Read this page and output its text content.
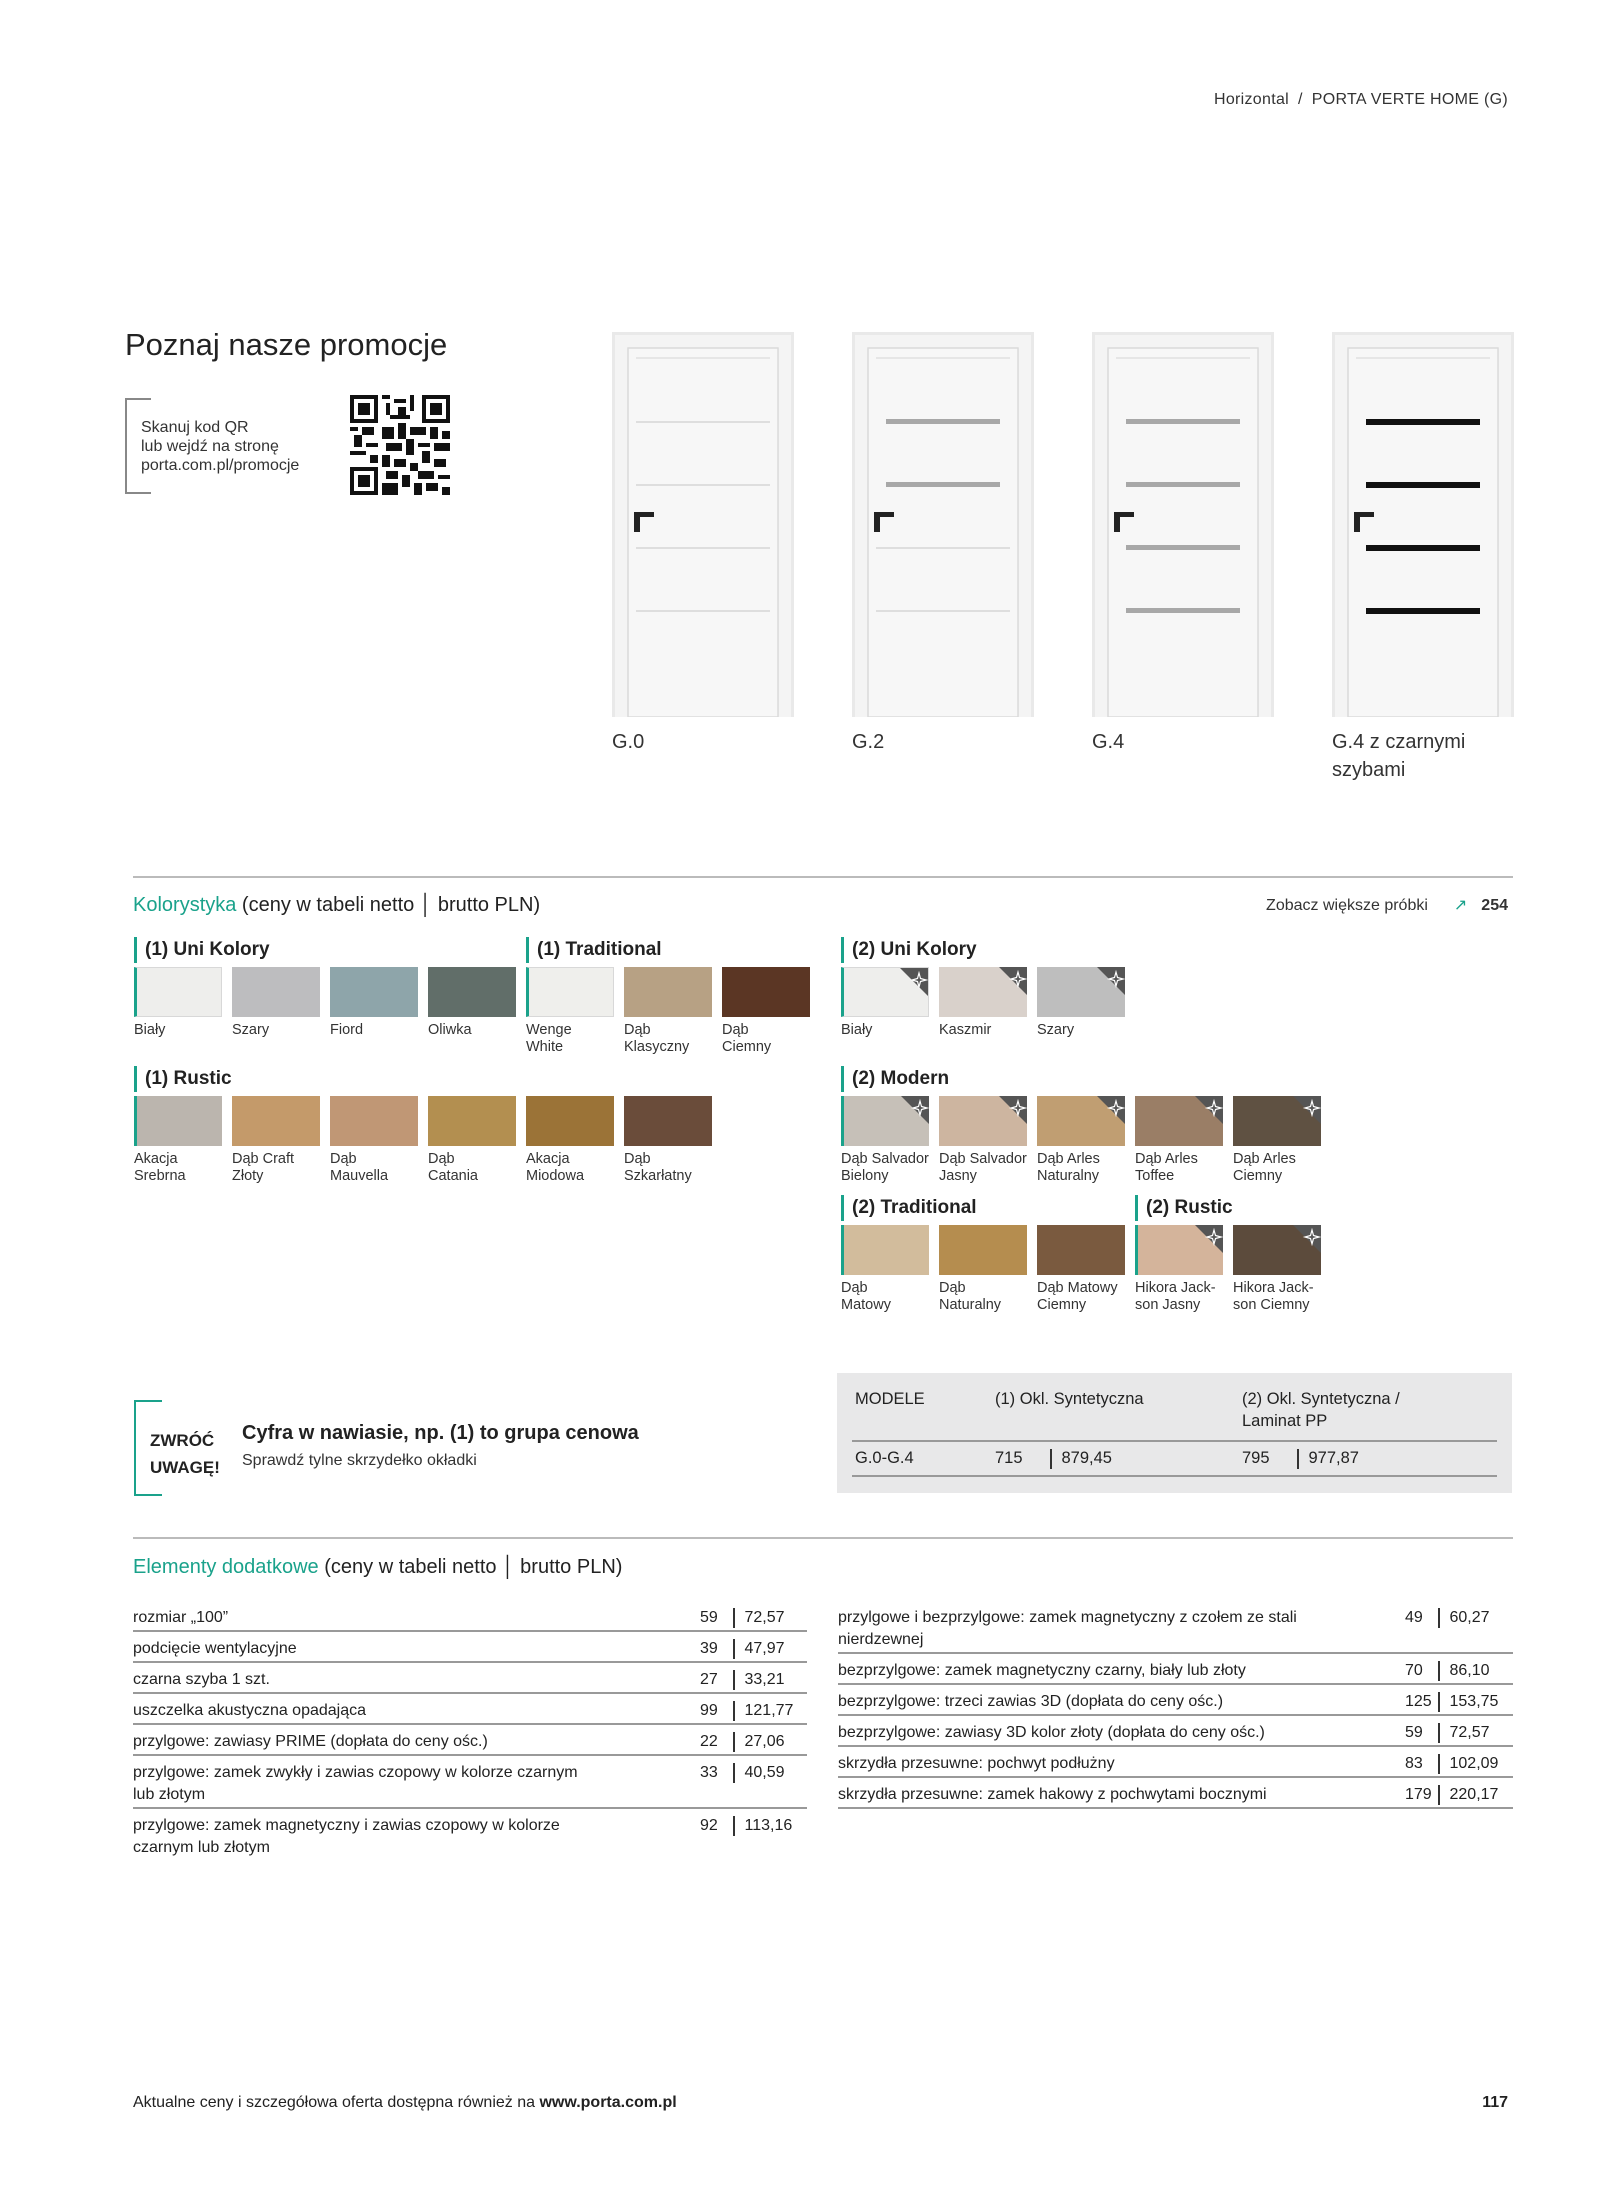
Horizontal / PORTA VERTE HOME (G)
Poznaj nasze promocje
Skanuj kod QR
lub wejdź na stronę
porta.com.pl/promocje
G.0	G.2	G.4	G.4 z czarnymi
szybami
Kolorystyka (ceny w tabeli netto │ brutto PLN)	Zobacz większe próbki ↗ 254
(1) Uni Kolory
Biały	Szary	Fiord	Oliwka
(1) Traditional
Wenge
White
Dąb
Klasyczny
Dąb
Ciemny
(2) Uni Kolory
Biały	Kaszmir	Szary
(1) Rustic
Akacja
Srebrna
Dąb Craft
Złoty
Dąb
Mauvella
Dąb
Catania
Akacja
Miodowa
Dąb
Szkarłatny
(2) Modern
Dąb Salvador
Bielony
Dąb Salvador
Jasny
Dąb Arles
Naturalny
Dąb Arles
Toffee
Dąb Arles
Ciemny
(2) Traditional
Dąb
Matowy
Dąb
Naturalny
Dąb Matowy
Ciemny
(2) Rustic
Hikora Jack-
son Jasny
Hikora Jack-
son Ciemny
ZWRÓĆ
UWAGĘ!
Cyfra w nawiasie, np. (1) to grupa cenowa
Sprawdź tylne skrzydełko okładki
MODELE	(1) Okl. Syntetyczna	(2) Okl. Syntetyczna /
Laminat PP
G.0-G.4	715	879,45	795	977,87
Elementy dodatkowe (ceny w tabeli netto │ brutto PLN)
rozmiar „100”	59	72,57
podcięcie wentylacyjne	39	47,97
czarna szyba 1 szt.	27	33,21
uszczelka akustyczna opadająca	99	121,77
przylgowe: zawiasy PRIME (dopłata do ceny ośc.)	22	27,06
przylgowe: zamek zwykły i zawias czopowy w kolorze czarnym
lub złotym
33	40,59
przylgowe: zamek magnetyczny i zawias czopowy w kolorze
czarnym lub złotym
92	113,16
przylgowe i bezprzylgowe: zamek magnetyczny z czołem ze stali
nierdzewnej
49	60,27
bezprzylgowe: zamek magnetyczny czarny, biały lub złoty	70	86,10
bezprzylgowe: trzeci zawias 3D (dopłata do ceny ośc.)	125	153,75
bezprzylgowe: zawiasy 3D kolor złoty (dopłata do ceny ośc.)	59	72,57
skrzydła przesuwne: pochwyt podłużny	83	102,09
skrzydła przesuwne: zamek hakowy z pochwytami bocznymi	179	220,17
Aktualne ceny i szczegółowa oferta dostępna również na www.porta.com.pl	117
